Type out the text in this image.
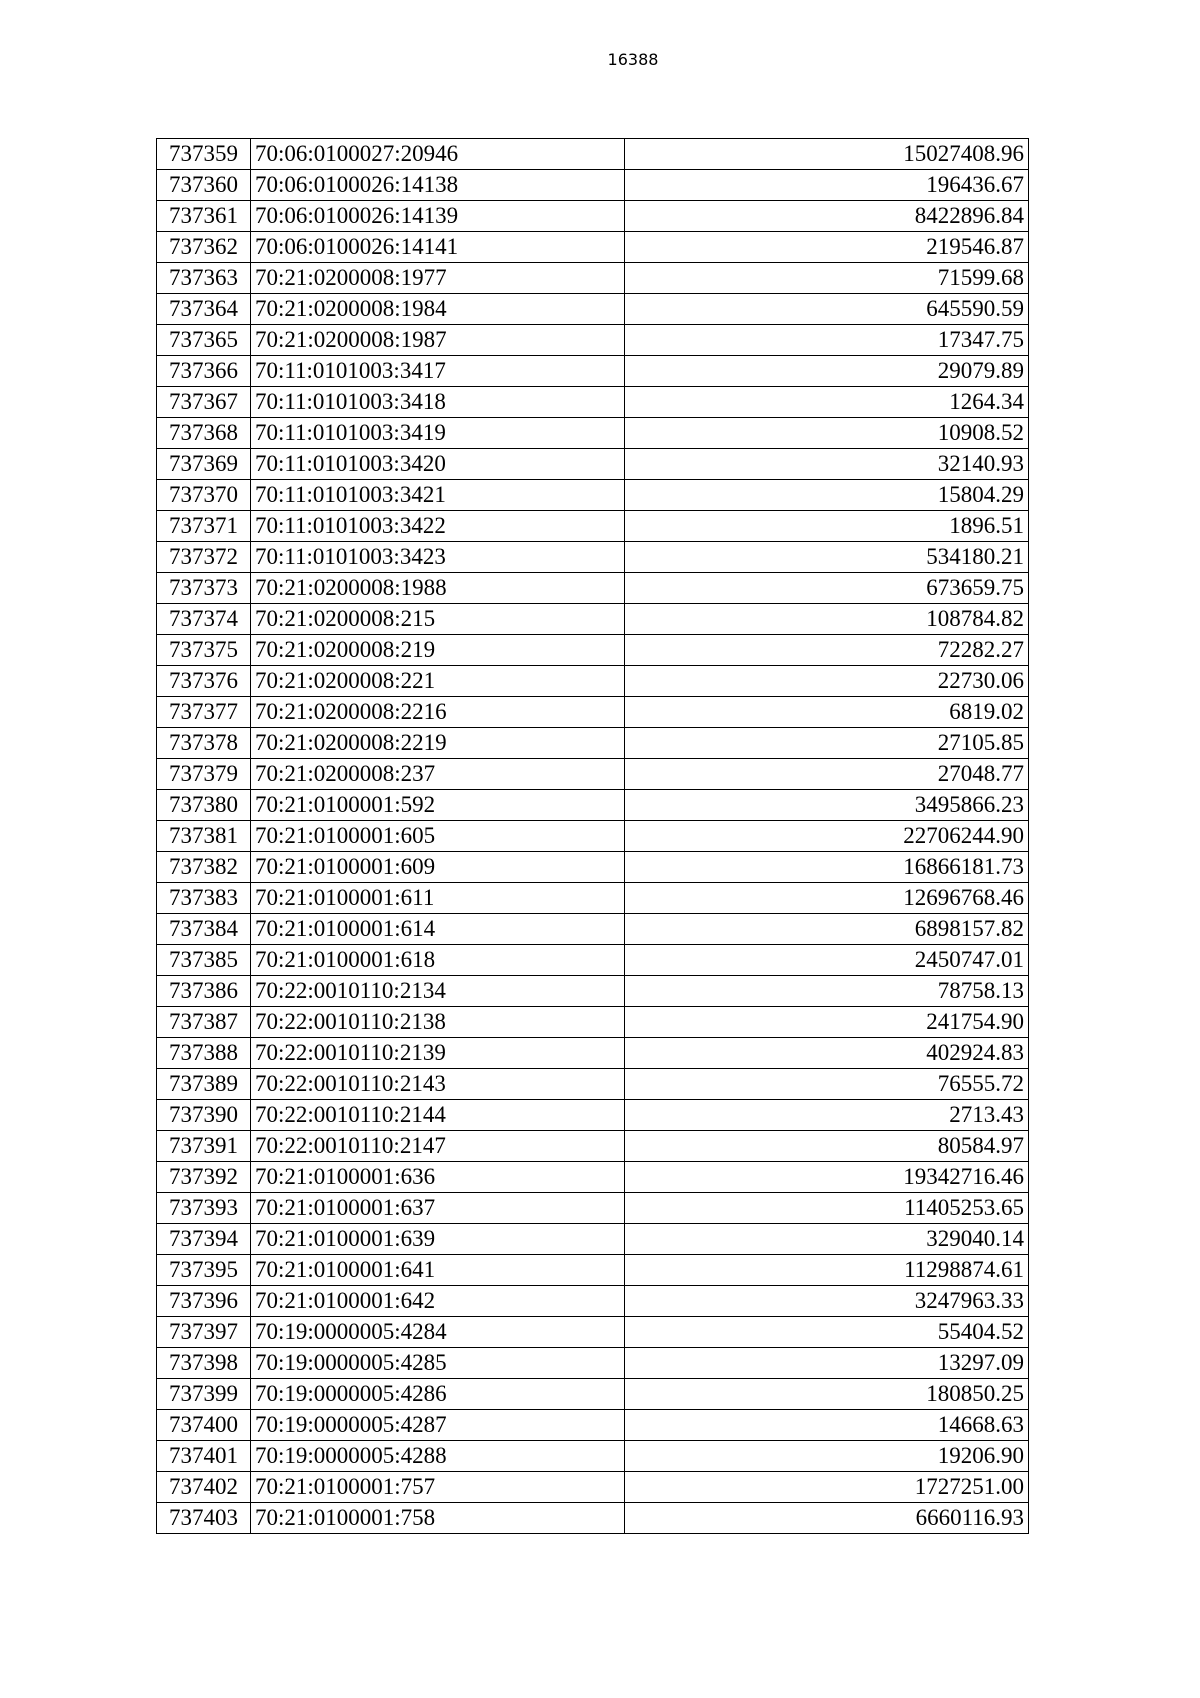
16388
737359	70:06:0100027:20946	15027408.96
737360	70:06:0100026:14138	196436.67
737361	70:06:0100026:14139	8422896.84
737362	70:06:0100026:14141	219546.87
737363	70:21:0200008:1977	71599.68
737364	70:21:0200008:1984	645590.59
737365	70:21:0200008:1987	17347.75
737366	70:11:0101003:3417	29079.89
737367	70:11:0101003:3418	1264.34
737368	70:11:0101003:3419	10908.52
737369	70:11:0101003:3420	32140.93
737370	70:11:0101003:3421	15804.29
737371	70:11:0101003:3422	1896.51
737372	70:11:0101003:3423	534180.21
737373	70:21:0200008:1988	673659.75
737374	70:21:0200008:215	108784.82
737375	70:21:0200008:219	72282.27
737376	70:21:0200008:221	22730.06
737377	70:21:0200008:2216	6819.02
737378	70:21:0200008:2219	27105.85
737379	70:21:0200008:237	27048.77
737380	70:21:0100001:592	3495866.23
737381	70:21:0100001:605	22706244.90
737382	70:21:0100001:609	16866181.73
737383	70:21:0100001:611	12696768.46
737384	70:21:0100001:614	6898157.82
737385	70:21:0100001:618	2450747.01
737386	70:22:0010110:2134	78758.13
737387	70:22:0010110:2138	241754.90
737388	70:22:0010110:2139	402924.83
737389	70:22:0010110:2143	76555.72
737390	70:22:0010110:2144	2713.43
737391	70:22:0010110:2147	80584.97
737392	70:21:0100001:636	19342716.46
737393	70:21:0100001:637	11405253.65
737394	70:21:0100001:639	329040.14
737395	70:21:0100001:641	11298874.61
737396	70:21:0100001:642	3247963.33
737397	70:19:0000005:4284	55404.52
737398	70:19:0000005:4285	13297.09
737399	70:19:0000005:4286	180850.25
737400	70:19:0000005:4287	14668.63
737401	70:19:0000005:4288	19206.90
737402	70:21:0100001:757	1727251.00
737403	70:21:0100001:758	6660116.93
